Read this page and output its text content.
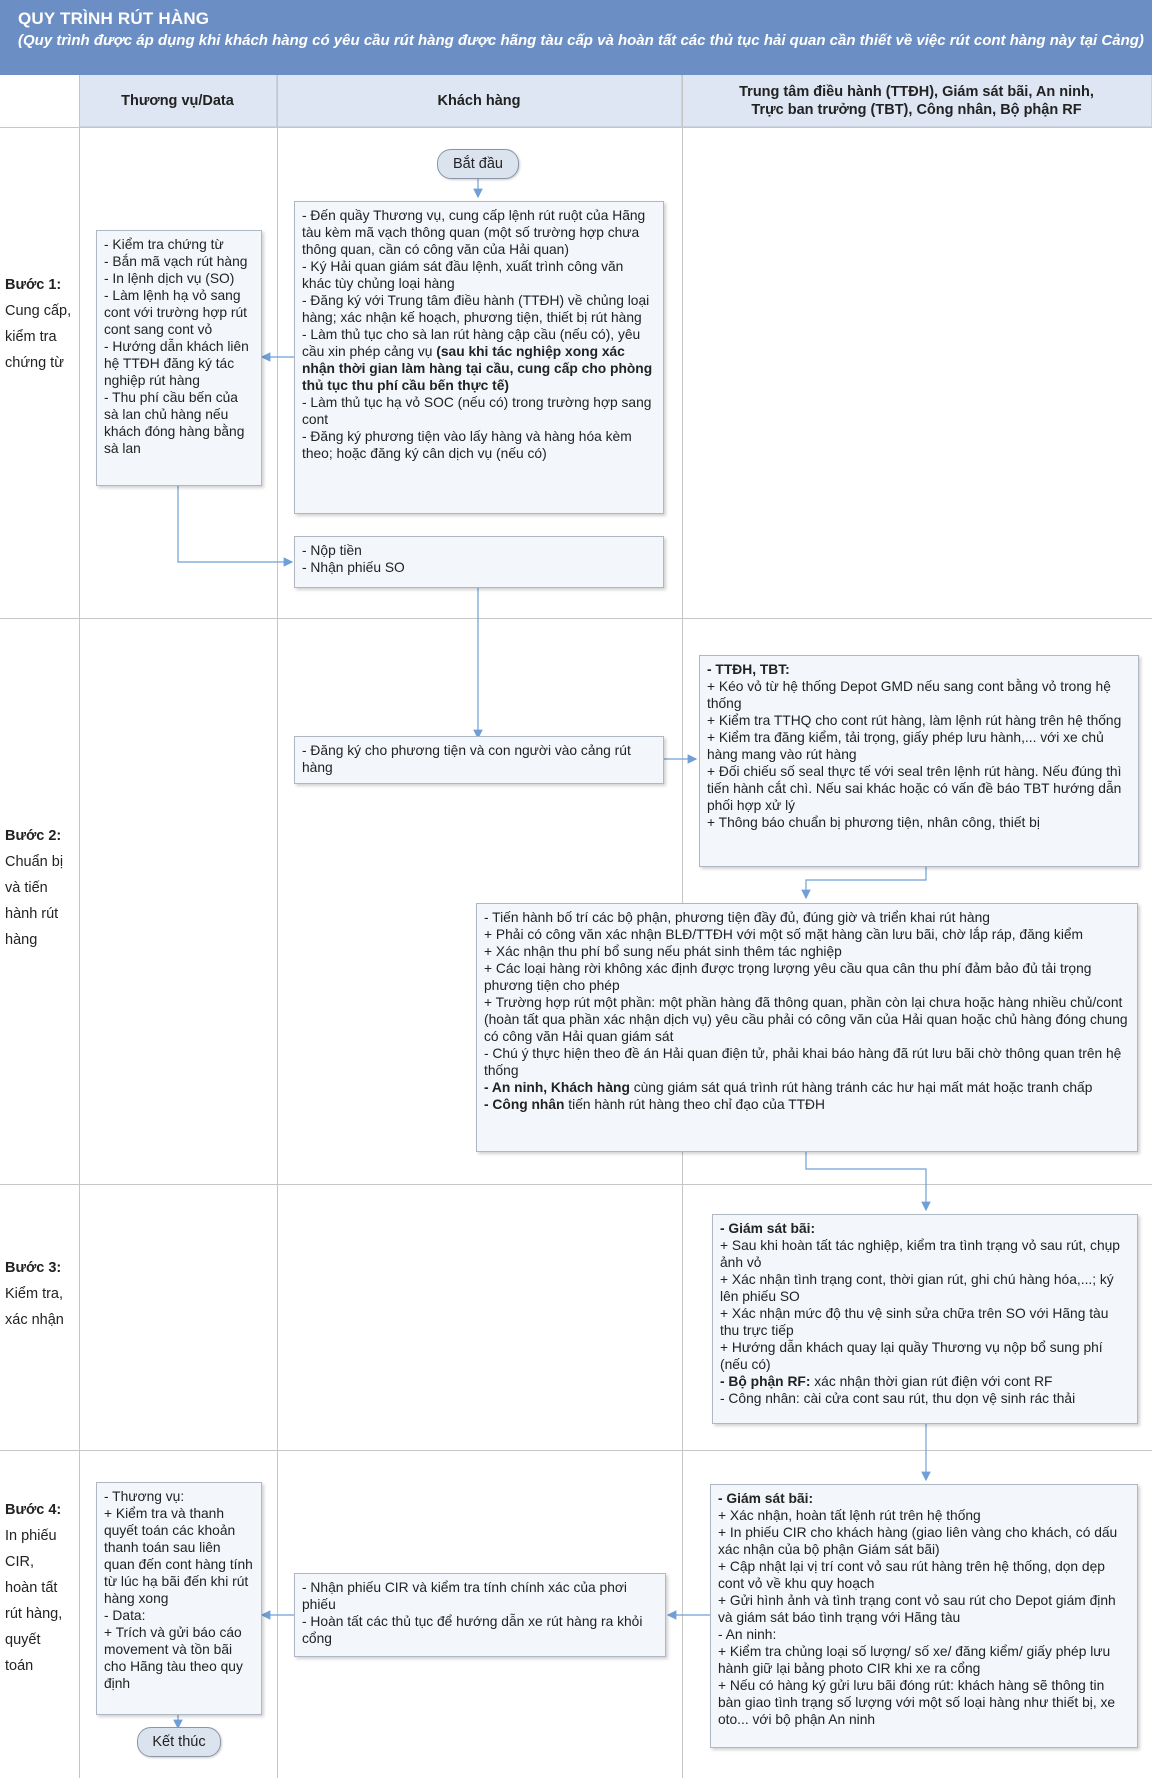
QUY TRÌNH RÚT HÀNG
(Quy trình được áp dụng khi khách hàng có yêu cầu rút hàng được hãng tàu cấp và hoàn tất các thủ tục hải quan cần thiết về việc rút cont hàng này tại Cảng)
Thương vụ/Data	Khách hàng
Trung tâm điều hành (TTĐH), Giám sát bãi, An ninh,
Trực ban trưởng (TBT), Công nhân, Bộ phận RF
Bước 1:
Cung cấp,
kiểm tra
chứng từ
Bước 2:
Chuẩn bị
và tiến
hành rút
hàng
Bước 3:
Kiểm tra,
xác nhận
Bước 4:
In phiếu
CIR,
hoàn tất
rút hàng,
quyết
toán
Bắt đầu
- Đến quầy Thương vụ, cung cấp lệnh rút ruột của Hãng tàu kèm mã vạch thông quan (một số trường hợp chưa thông quan, cần có công văn của Hải quan)
- Ký Hải quan giám sát đầu lệnh, xuất trình công văn khác tùy chủng loại hàng
- Đăng ký với Trung tâm điều hành (TTĐH) về chủng loại hàng; xác nhận kế hoạch, phương tiện, thiết bị rút hàng
- Làm thủ tục cho sà lan rút hàng cập cầu (nếu có), yêu cầu xin phép cảng vụ (sau khi tác nghiệp xong xác nhận thời gian làm hàng tại cầu, cung cấp cho phòng thủ tục thu phí cầu bến thực tế)
- Làm thủ tục hạ vỏ SOC (nếu có) trong trường hợp sang cont
- Đăng ký phương tiện vào lấy hàng và hàng hóa kèm theo; hoặc đăng ký cân dịch vụ (nếu có)
- Kiểm tra chứng từ
- Bắn mã vạch rút hàng
- In lệnh dịch vụ (SO)
- Làm lệnh hạ vỏ sang cont với trường hợp rút cont sang cont vỏ
- Hướng dẫn khách liên hệ TTĐH đăng ký tác nghiệp rút hàng
- Thu phí cầu bến của sà lan chủ hàng nếu khách đóng hàng bằng sà lan
- Nộp tiền
- Nhận phiếu SO
- Đăng ký cho phương tiện và con người vào cảng rút hàng
- TTĐH, TBT:
+ Kéo vỏ từ hệ thống Depot GMD nếu sang cont bằng vỏ trong hệ thống
+ Kiểm tra TTHQ cho cont rút hàng, làm lệnh rút hàng trên hệ thống
+ Kiểm tra đăng kiểm, tải trọng, giấy phép lưu hành,... với xe chủ hàng mang vào rút hàng
+ Đối chiếu số seal thực tế với seal trên lệnh rút hàng. Nếu đúng thì tiến hành cắt chì. Nếu sai khác hoặc có vấn đề báo TBT hướng dẫn phối hợp xử lý
+ Thông báo chuẩn bị phương tiện, nhân công, thiết bị
- Tiến hành bố trí các bộ phận, phương tiện đầy đủ, đúng giờ và triển khai rút hàng
+ Phải có công văn xác nhận BLĐ/TTĐH với một số mặt hàng cần lưu bãi, chờ lắp ráp, đăng kiểm
+ Xác nhận thu phí bổ sung nếu phát sinh thêm tác nghiệp
+ Các loại hàng rời không xác định được trọng lượng yêu cầu qua cân thu phí đảm bảo đủ tải trọng phương tiện cho phép
+ Trường hợp rút một phần: một phần hàng đã thông quan, phần còn lại chưa hoặc hàng nhiều chủ/cont (hoàn tất qua phần xác nhận dịch vụ) yêu cầu phải có công văn của Hải quan hoặc chủ hàng đóng chung có công văn Hải quan giám sát
- Chú ý thực hiện theo đề án Hải quan điện tử, phải khai báo hàng đã rút lưu bãi chờ thông quan trên hệ thống
- An ninh, Khách hàng cùng giám sát quá trình rút hàng tránh các hư hại mất mát hoặc tranh chấp
- Công nhân tiến hành rút hàng theo chỉ đạo của TTĐH
- Giám sát bãi:
+ Sau khi hoàn tất tác nghiệp, kiểm tra tình trạng vỏ sau rút, chụp ảnh vỏ
+ Xác nhận tình trạng cont, thời gian rút, ghi chú hàng hóa,...; ký lên phiếu SO
+ Xác nhận mức độ thu vệ sinh sửa chữa trên SO với Hãng tàu thu trực tiếp
+ Hướng dẫn khách quay lại quầy Thương vụ nộp bổ sung phí (nếu có)
- Bộ phận RF: xác nhận thời gian rút điện với cont RF
- Công nhân: cài cửa cont sau rút, thu dọn vệ sinh rác thải
- Giám sát bãi:
+ Xác nhận, hoàn tất lệnh rút trên hệ thống
+ In phiếu CIR cho khách hàng (giao liên vàng cho khách, có dấu xác nhận của bộ phận Giám sát bãi)
+ Cập nhật lại vị trí cont vỏ sau rút hàng trên hệ thống, dọn dẹp cont vỏ về khu quy hoạch
+ Gửi hình ảnh và tình trạng cont vỏ sau rút cho Depot giám định và giám sát báo tình trạng với Hãng tàu
- An ninh:
+ Kiểm tra chủng loại số lượng/ số xe/ đăng kiểm/ giấy phép lưu hành giữ lại bảng photo CIR khi xe ra cổng
+ Nếu có hàng ký gửi lưu bãi đóng rút: khách hàng sẽ thông tin bàn giao tình trạng số lượng với một số loại hàng như thiết bị, xe oto... với bộ phận An ninh
- Nhận phiếu CIR và kiểm tra tính chính xác của phơi phiếu
- Hoàn tất các thủ tục để hướng dẫn xe rút hàng ra khỏi cổng
- Thương vụ:
+ Kiểm tra và thanh quyết toán các khoản thanh toán sau liên quan đến cont hàng tính từ lúc hạ bãi đến khi rút hàng xong
- Data:
+ Trích và gửi báo cáo movement và tồn bãi cho Hãng tàu theo quy định
Kết thúc
